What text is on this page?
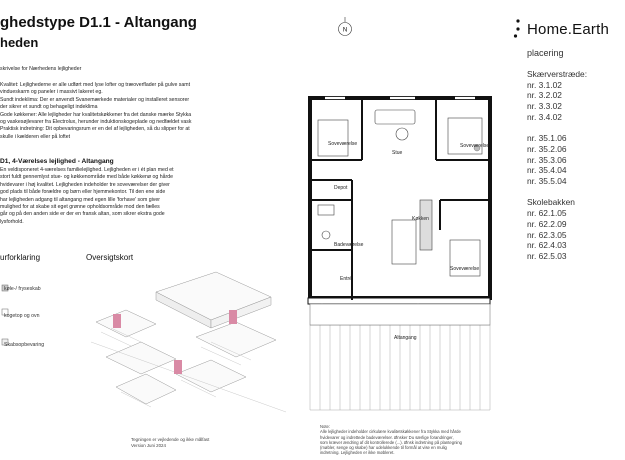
ghedstype D1.1 - Altangang
heden
skrivelse for Nærhedens lejligheder
Kvalitet: Lejlighederne er alle udført med lyse lofter og træoverflader på gulve samt
vindueskarm og paneler i massivt lakeret eg.
Sundt indeklima: Der er anvendt Svanemærkede materialer og installeret sensorer
der sikrer et sundt og behageligt indeklima
Gode køkkener: Alle lejligheder har kvalitetskøkkener fra det danske mærke Stykka
og vaskesøjlevarer fra Electrolux, herunder induktionskogeplade og nedfældet vask
Praktisk indretning: Dit opbevaringsrum er en del af lejligheden, så du slipper for at
skulle i kælderen eller på loftet
D1, 4-Værelses lejlighed - Altangang
En veldisponeret 4-værelses familielejlighed. Lejligheden er i ét plan med et
stort fuldt gennemlyst stue- og køkkenområde med både køkkenø og hårde
hvidevarer i høj kvalitet. Lejligheden indeholder tre soveværelser der giver
god plads til både forældre og børn eller hjemmekontor. Til den ene side
har lejligheden adgang til altangang med egen lille 'forhave' som giver
mulighed for at skabe sit eget grønne opholdsområde mod den fælles
går og på den anden side er der en fransk altan, som sikrer ekstra gode
lysforhold.
urforklaring	Oversigtskort
køle-/ fryseskab
kogetop og ovn
Skabsopbevaring
Tegningen er vejledende og ikke målfast
Version Juni 2024
N
Soveværelse
Stue
Soveværelse
Depot
Køkken
Badeværelse
Soveværelse
Entré
Altangang
Note:
Alle lejligheder indeholder cirkulære kvalitetskøkkener fra Stykka med hårde
hvidevarer og indrettede badeværelser. Ønsker Du særlige forandringer,
som kræver ændring af dit kontrollerede (...). Ønsk indretning på plantegning
(møbler, senge og skabe) har udelukkende til formål at vise en mulig
indretning. Lejligheden er ikke møbleret.
Home.Earth
placering
Skærverstræde:
nr. 3.1.02
nr. 3.2.02
nr. 3.3.02
nr. 3.4.02
nr. 35.1.06
nr. 35.2.06
nr. 35.3.06
nr. 35.4.04
nr. 35.5.04
Skolebakken
nr. 62.1.05
nr. 62.2.09
nr. 62.3.05
nr. 62.4.03
nr. 62.5.03
